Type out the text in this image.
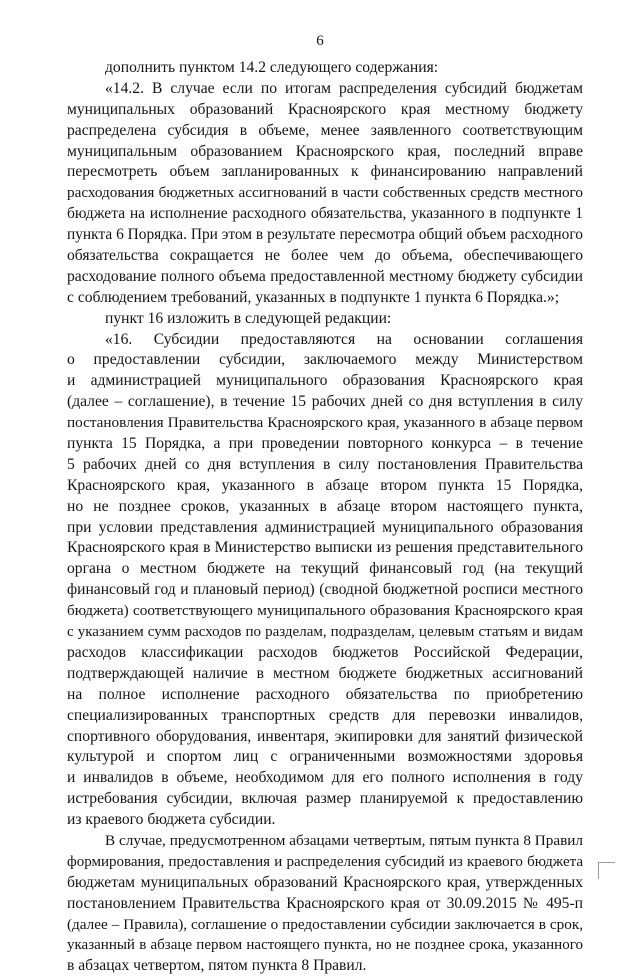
6
дополнить пунктом 14.2 следующего содержания:
«14.2. В случае если по итогам распределения субсидий бюджетам
муниципальных образований Красноярского края местному бюджету
распределена субсидия в объеме, менее заявленного соответствующим
муниципальным образованием Красноярского края, последний вправе
пересмотреть объем запланированных к финансированию направлений
расходования бюджетных ассигнований в части собственных средств местного
бюджета на исполнение расходного обязательства, указанного в подпункте 1
пункта 6 Порядка. При этом в результате пересмотра общий объем расходного
обязательства сокращается не более чем до объема, обеспечивающего
расходование полного объема предоставленной местному бюджету субсидии
с соблюдением требований, указанных в подпункте 1 пункта 6 Порядка.»;
пункт 16 изложить в следующей редакции:
«16. Субсидии предоставляются на основании соглашения
о предоставлении субсидии, заключаемого между Министерством
и администрацией муниципального образования Красноярского края
(далее – соглашение), в течение 15 рабочих дней со дня вступления в силу
постановления Правительства Красноярского края, указанного в абзаце первом
пункта 15 Порядка, а при проведении повторного конкурса – в течение
5 рабочих дней со дня вступления в силу постановления Правительства
Красноярского края, указанного в абзаце втором пункта 15 Порядка,
но не позднее сроков, указанных в абзаце втором настоящего пункта,
при условии представления администрацией муниципального образования
Красноярского края в Министерство выписки из решения представительного
органа о местном бюджете на текущий финансовый год (на текущий
финансовый год и плановый период) (сводной бюджетной росписи местного
бюджета) соответствующего муниципального образования Красноярского края
с указанием сумм расходов по разделам, подразделам, целевым статьям и видам
расходов классификации расходов бюджетов Российской Федерации,
подтверждающей наличие в местном бюджете бюджетных ассигнований
на полное исполнение расходного обязательства по приобретению
специализированных транспортных средств для перевозки инвалидов,
спортивного оборудования, инвентаря, экипировки для занятий физической
культурой и спортом лиц с ограниченными возможностями здоровья
и инвалидов в объеме, необходимом для его полного исполнения в году
истребования субсидии, включая размер планируемой к предоставлению
из краевого бюджета субсидии.
В случае, предусмотренном абзацами четвертым, пятым пункта 8 Правил
формирования, предоставления и распределения субсидий из краевого бюджета
бюджетам муниципальных образований Красноярского края, утвержденных
постановлением Правительства Красноярского края от 30.09.2015 № 495-п
(далее – Правила), соглашение о предоставлении субсидии заключается в срок,
указанный в абзаце первом настоящего пункта, но не позднее срока, указанного
в абзацах четвертом, пятом пункта 8 Правил.
